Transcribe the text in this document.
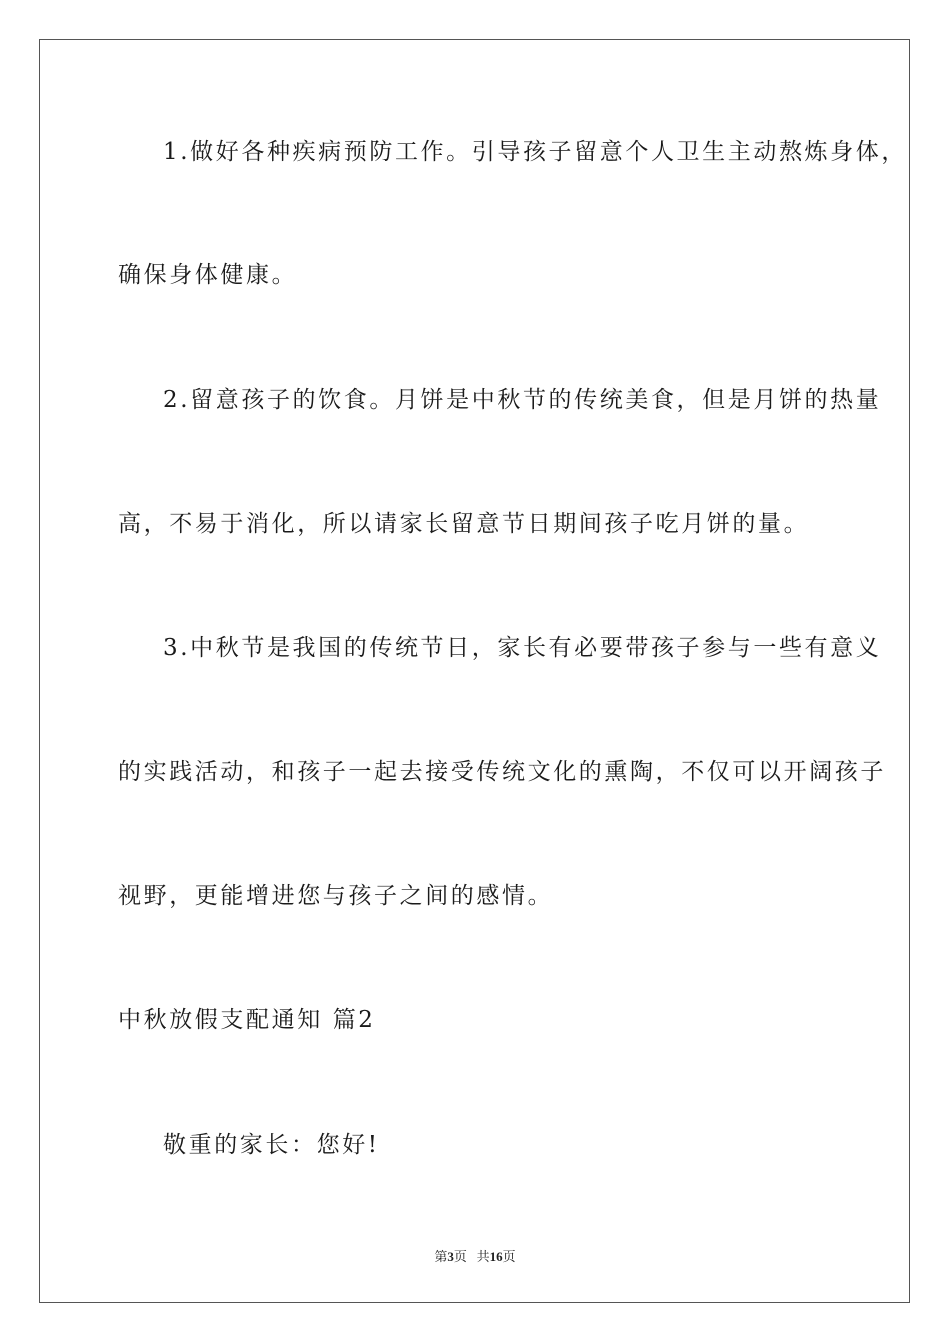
1.做好各种疾病预防工作。引导孩子留意个人卫生主动熬炼身体，
确保身体健康。
2.留意孩子的饮食。月饼是中秋节的传统美食，但是月饼的热量
高，不易于消化，所以请家长留意节日期间孩子吃月饼的量。
3.中秋节是我国的传统节日，家长有必要带孩子参与一些有意义
的实践活动，和孩子一起去接受传统文化的熏陶，不仅可以开阔孩子
视野，更能增进您与孩子之间的感情。
中秋放假支配通知 篇2
敬重的家长：您好!
第3页 共16页
